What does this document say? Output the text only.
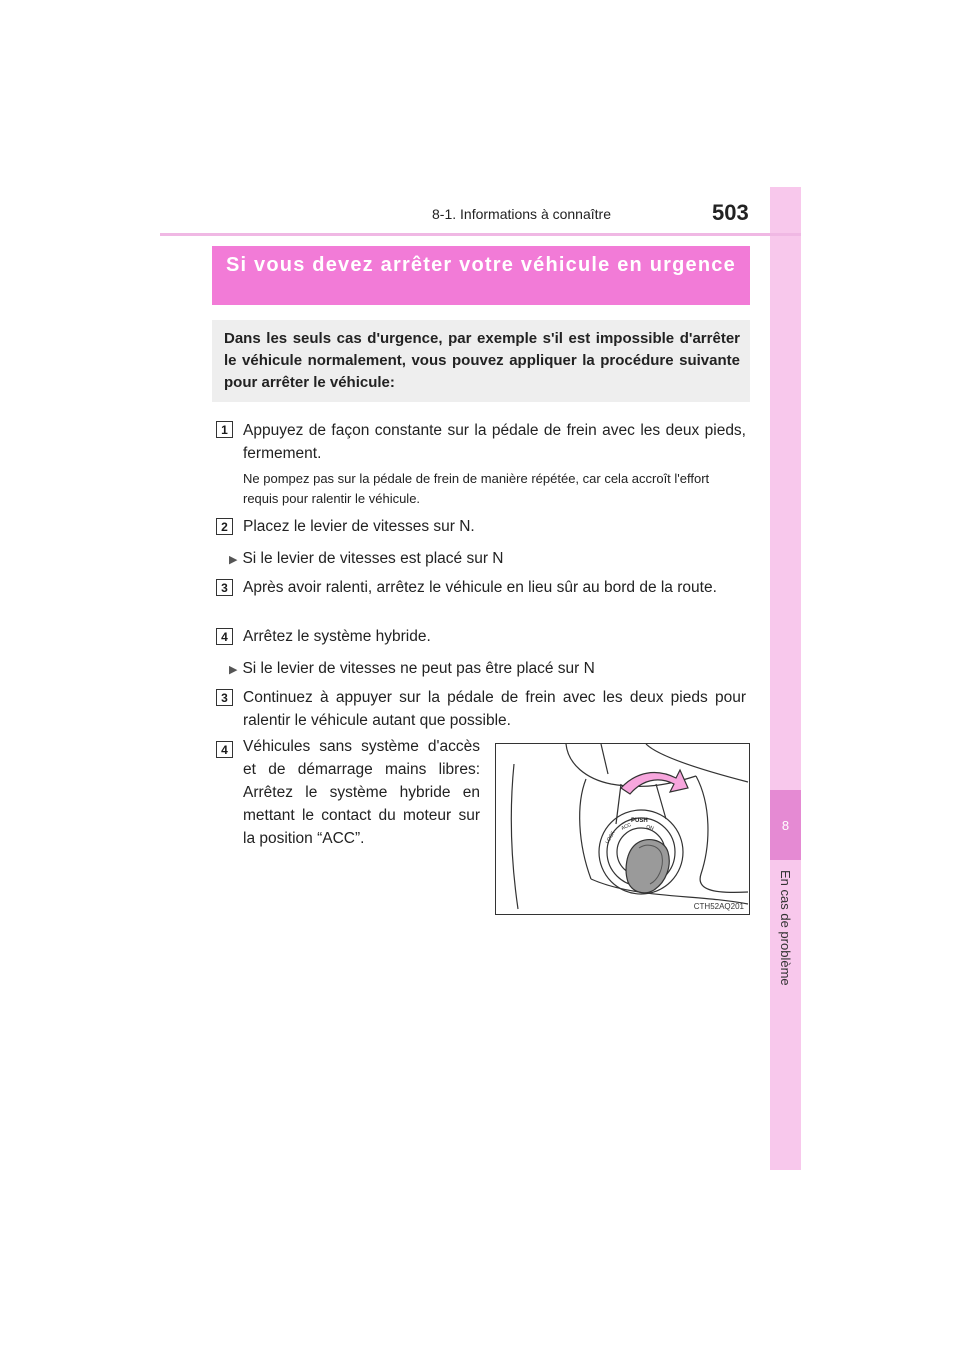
8
En cas de problème
8-1. Informations à connaître	503
Si vous devez arrêter votre véhicule en urgence
Dans les seuls cas d'urgence, par exemple s'il est impossible d'arrêter le véhicule normalement, vous pouvez appliquer la procédure suivante pour arrêter le véhicule:
1 Appuyez de façon constante sur la pédale de frein avec les deux pieds, fermement.
Ne pompez pas sur la pédale de frein de manière répétée, car cela accroît l'effort requis pour ralentir le véhicule.
2 Placez le levier de vitesses sur N.
▶ Si le levier de vitesses est placé sur N
3 Après avoir ralenti, arrêtez le véhicule en lieu sûr au bord de la route.
4 Arrêtez le système hybride.
▶ Si le levier de vitesses ne peut pas être placé sur N
3 Continuez à appuyer sur la pédale de frein avec les deux pieds pour ralentir le véhicule autant que possible.
4 Véhicules sans système d'accès et de démarrage mains libres: Arrêtez le système hybride en mettant le contact du moteur sur la position “ACC”.
PUSH
LOCK
ACC	ON
CTH52AQ201
